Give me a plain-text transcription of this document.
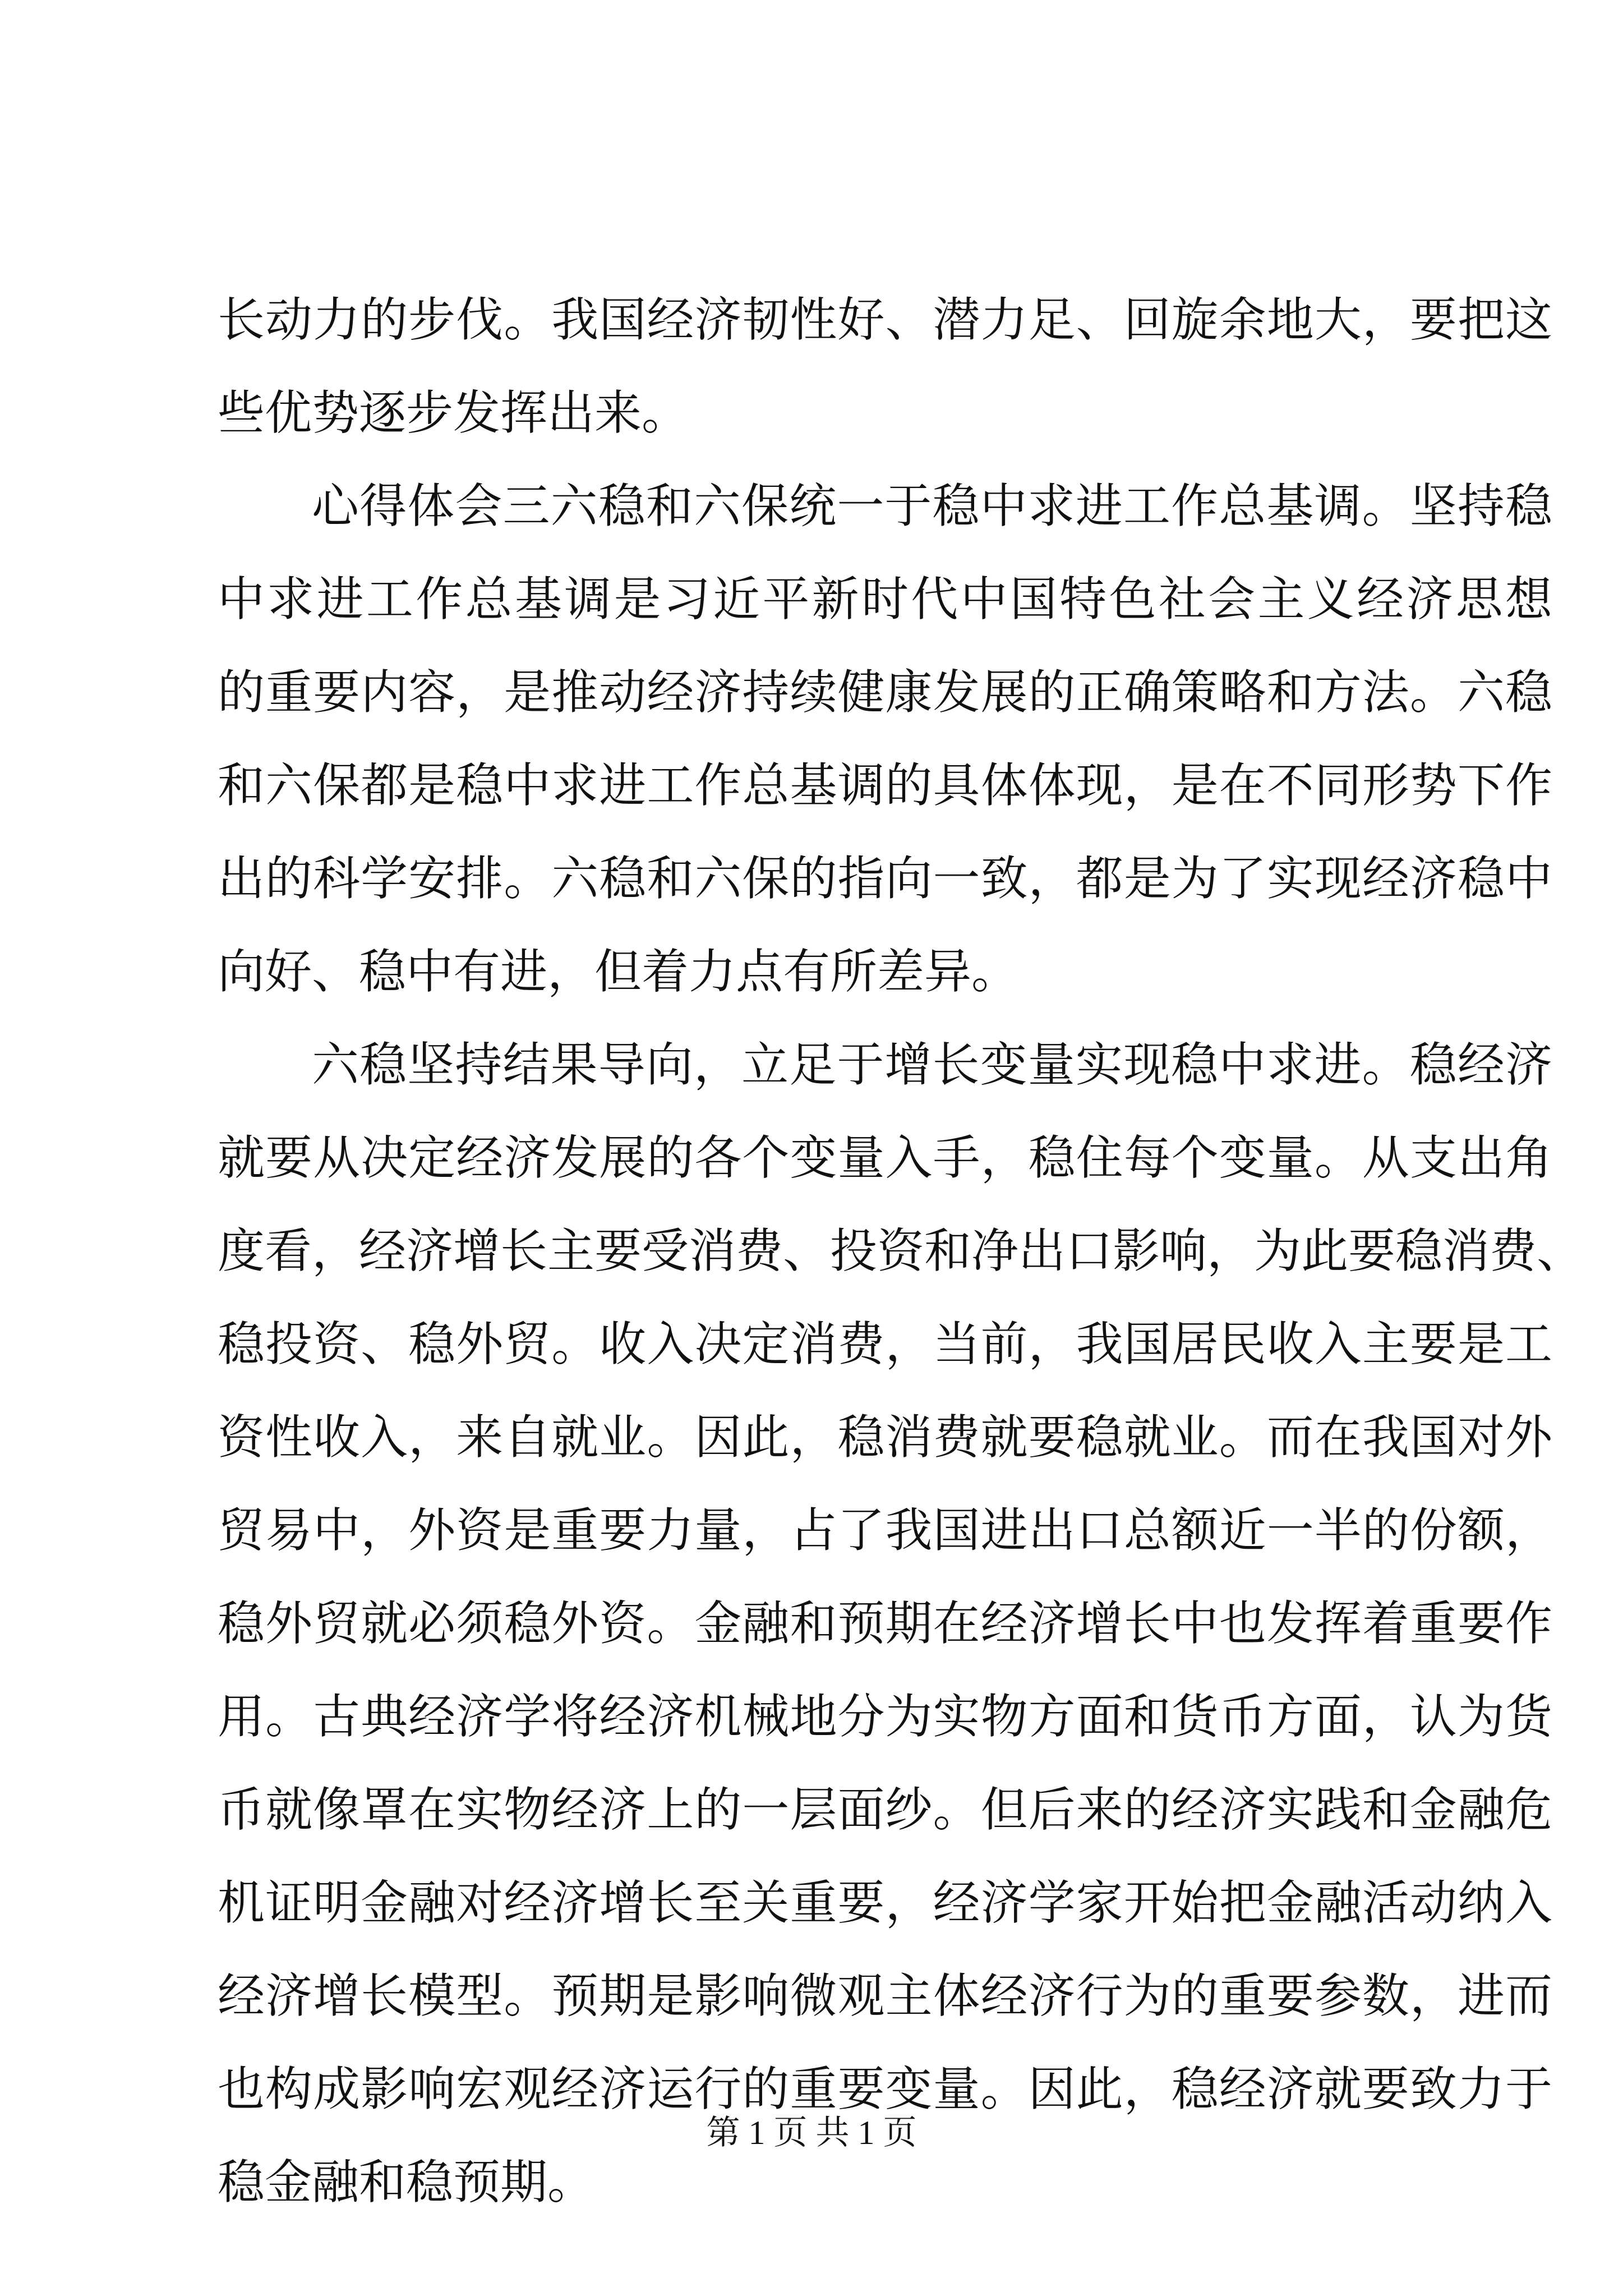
长动力的步伐。我国经济韧性好、潜力足、回旋余地大，要把这
些优势逐步发挥出来。
心得体会三六稳和六保统一于稳中求进工作总基调。坚持稳
中求进工作总基调是习近平新时代中国特色社会主义经济思想
的重要内容，是推动经济持续健康发展的正确策略和方法。六稳
和六保都是稳中求进工作总基调的具体体现，是在不同形势下作
出的科学安排。六稳和六保的指向一致，都是为了实现经济稳中
向好、稳中有进，但着力点有所差异。
六稳坚持结果导向，立足于增长变量实现稳中求进。稳经济
就要从决定经济发展的各个变量入手，稳住每个变量。从支出角
度看，经济增长主要受消费、投资和净出口影响，为此要稳消费、
稳投资、稳外贸。收入决定消费，当前，我国居民收入主要是工
资性收入，来自就业。因此，稳消费就要稳就业。而在我国对外
贸易中，外资是重要力量，占了我国进出口总额近一半的份额，
稳外贸就必须稳外资。金融和预期在经济增长中也发挥着重要作
用。古典经济学将经济机械地分为实物方面和货币方面，认为货
币就像罩在实物经济上的一层面纱。但后来的经济实践和金融危
机证明金融对经济增长至关重要，经济学家开始把金融活动纳入
经济增长模型。预期是影响微观主体经济行为的重要参数，进而
也构成影响宏观经济运行的重要变量。因此，稳经济就要致力于
稳金融和稳预期。
第 1 页 共 1 页
